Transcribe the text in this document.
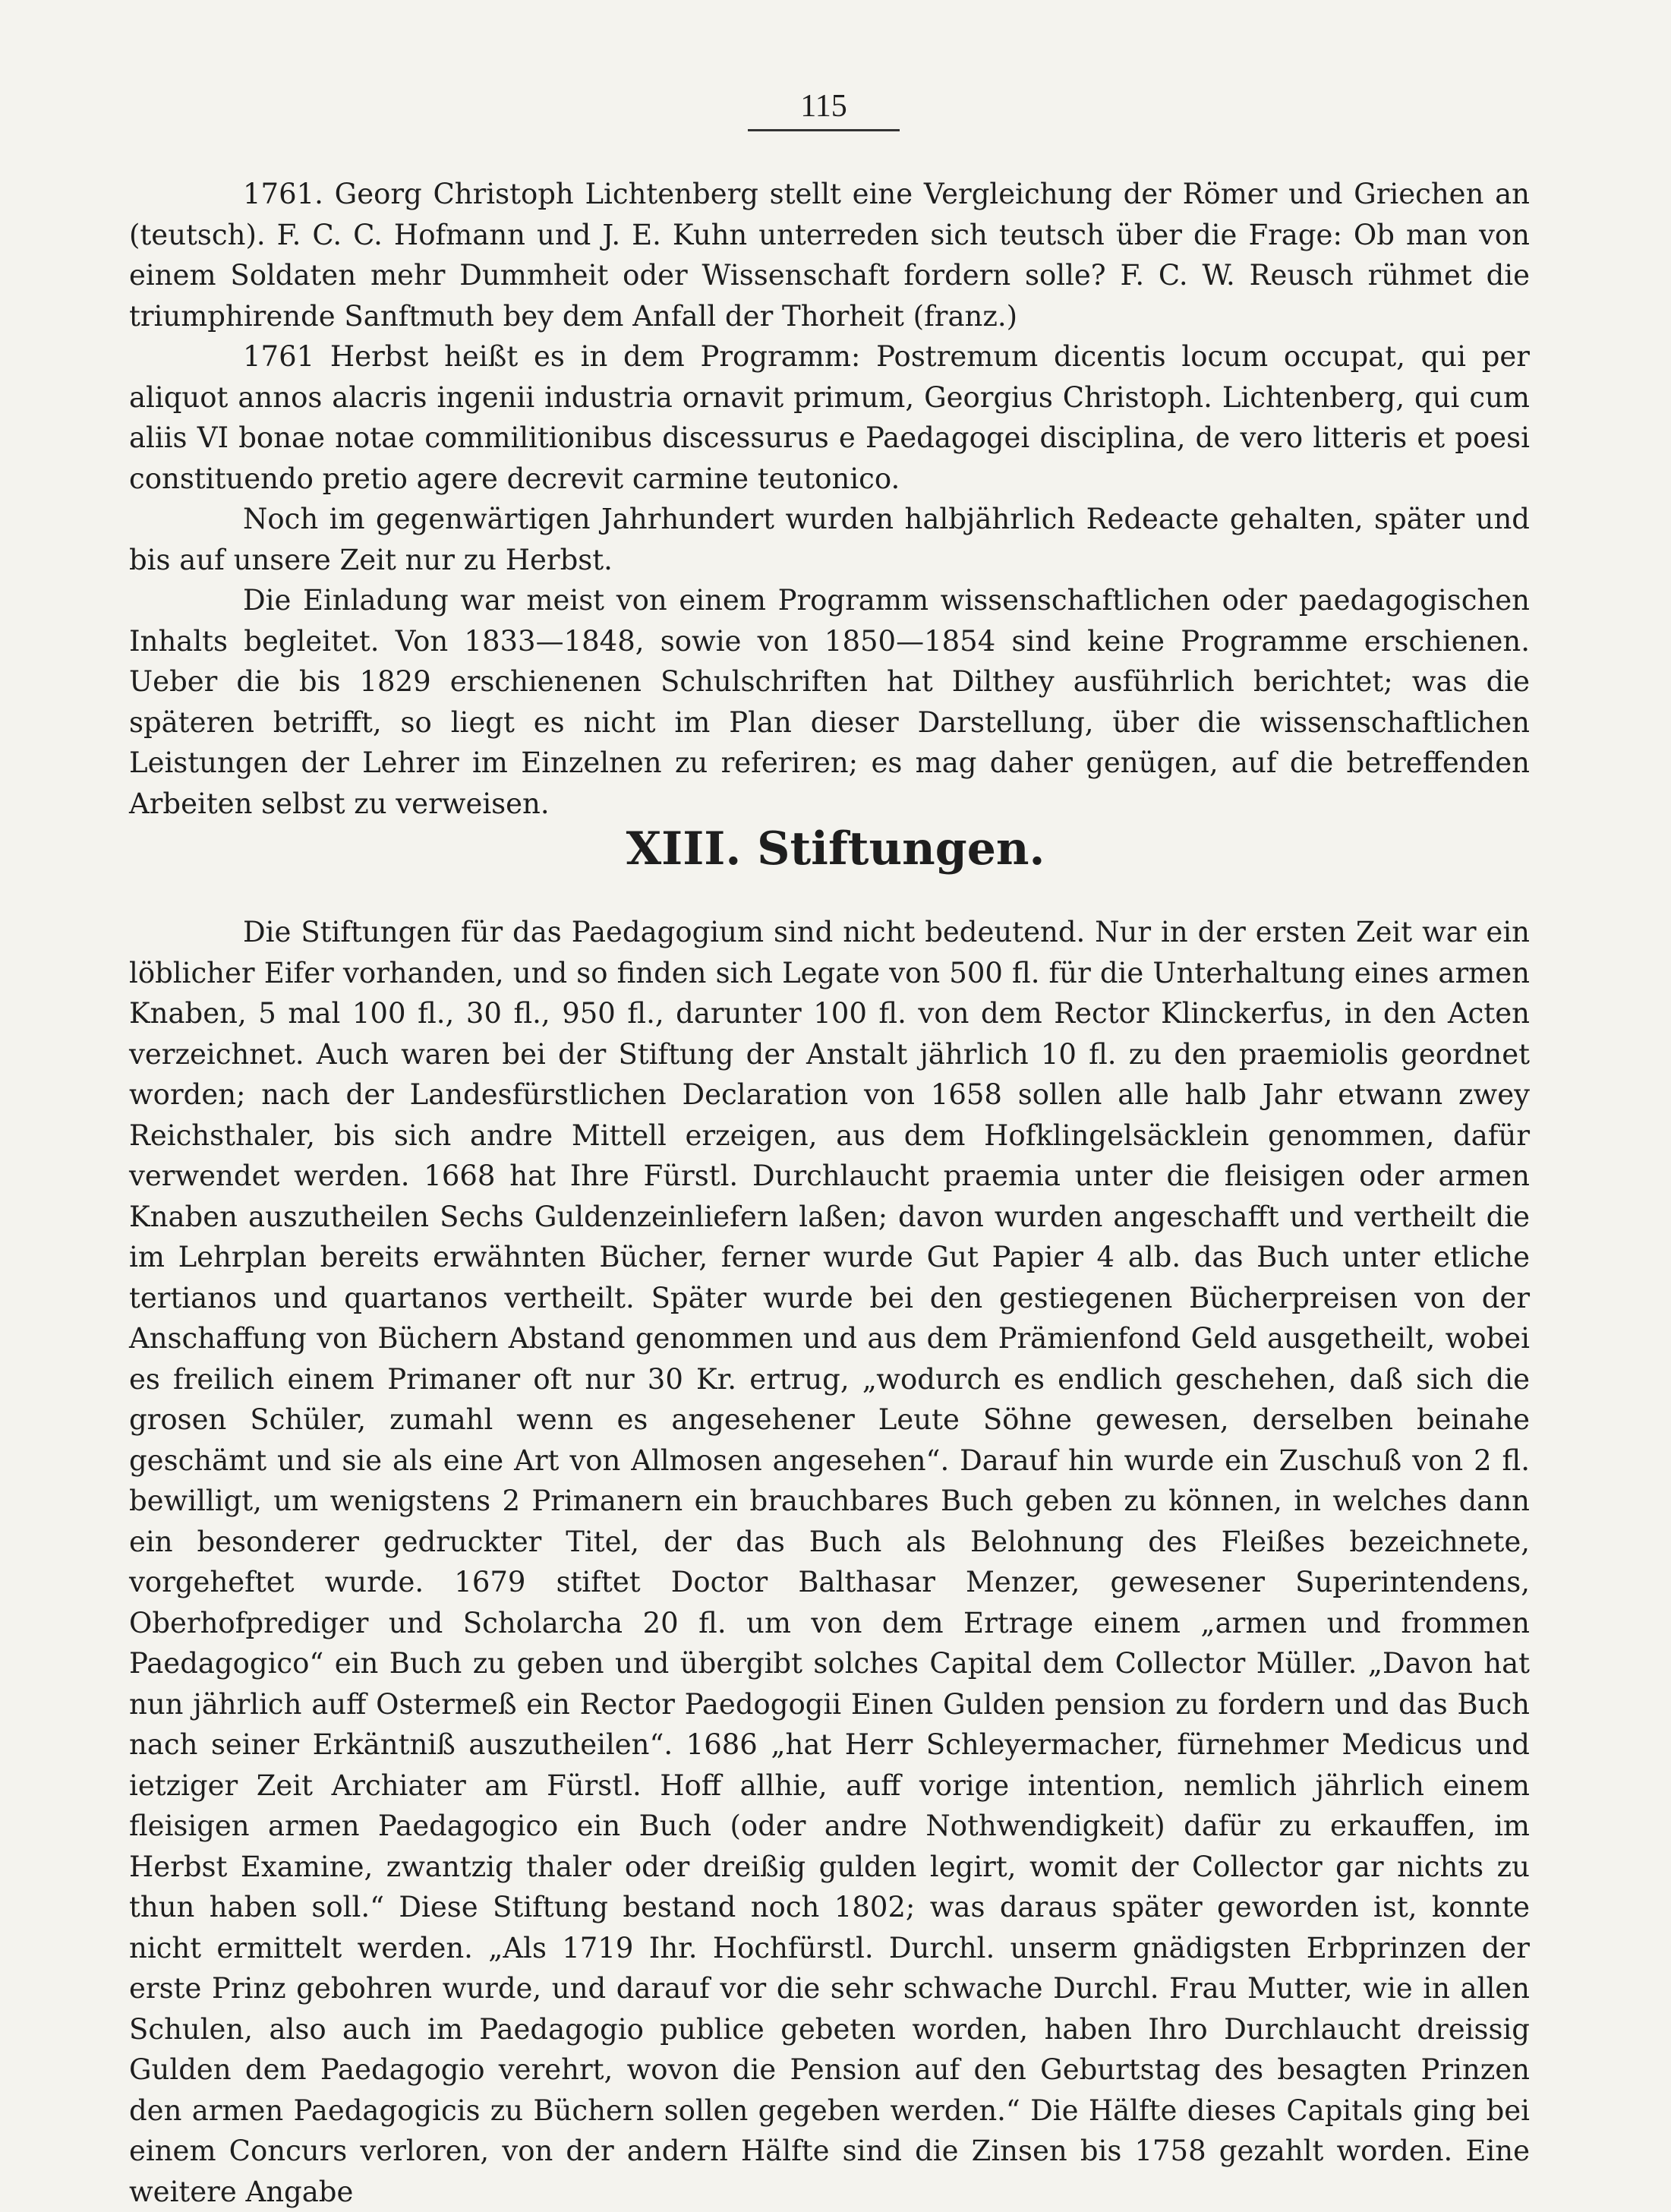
115

1761. Georg Christoph Lichtenberg stellt eine Vergleichung der Römer und Griechen an (teutsch). F. C. C. Hofmann und J. E. Kuhn unterreden sich teutsch über die Frage: Ob man von einem Soldaten mehr Dummheit oder Wissenschaft fordern solle? F. C. W. Reusch rühmet die triumphirende Sanftmuth bey dem Anfall der Thorheit (franz.)

1761 Herbst heißt es in dem Programm: Postremum dicentis locum occupat, qui per aliquot annos alacris ingenii industria ornavit primum, Georgius Christoph. Lichtenberg, qui cum aliis VI bonae notae commilitionibus discessurus e Paedagogei disciplina, de vero litteris et poesi constituendo pretio agere decrevit carmine teutonico.

Noch im gegenwärtigen Jahrhundert wurden halbjährlich Redeacte gehalten, später und bis auf unsere Zeit nur zu Herbst.

Die Einladung war meist von einem Programm wissenschaftlichen oder paedagogischen Inhalts begleitet. Von 1833—1848, sowie von 1850—1854 sind keine Programme erschienen. Ueber die bis 1829 erschienenen Schulschriften hat Dilthey ausführlich berichtet; was die späteren betrifft, so liegt es nicht im Plan dieser Darstellung, über die wissenschaftlichen Leistungen der Lehrer im Einzelnen zu referiren; es mag daher genügen, auf die betreffenden Arbeiten selbst zu verweisen.

XIII. Stiftungen.

Die Stiftungen für das Paedagogium sind nicht bedeutend. Nur in der ersten Zeit war ein löblicher Eifer vorhanden, und so finden sich Legate von 500 fl. für die Unterhaltung eines armen Knaben, 5 mal 100 fl., 30 fl., 950 fl., darunter 100 fl. von dem Rector Klinckerfus, in den Acten verzeichnet. Auch waren bei der Stiftung der Anstalt jährlich 10 fl. zu den praemiolis geordnet worden; nach der Landesfürstlichen Declaration von 1658 sollen alle halb Jahr etwann zwey Reichsthaler, bis sich andre Mittell erzeigen, aus dem Hofklingelsäcklein genommen, dafür verwendet werden. 1668 hat Ihre Fürstl. Durchlaucht praemia unter die fleisigen oder armen Knaben auszutheilen Sechs Guldenzeinliefern laßen; davon wurden angeschafft und vertheilt die im Lehrplan bereits erwähnten Bücher, ferner wurde Gut Papier 4 alb. das Buch unter etliche tertianos und quartanos vertheilt. Später wurde bei den gestiegenen Bücherpreisen von der Anschaffung von Büchern Abstand genommen und aus dem Prämienfond Geld ausgetheilt, wobei es freilich einem Primaner oft nur 30 Kr. ertrug, „wodurch es endlich geschehen, daß sich die grosen Schüler, zumahl wenn es angesehener Leute Söhne gewesen, derselben beinahe geschämt und sie als eine Art von Allmosen angesehen“. Darauf hin wurde ein Zuschuß von 2 fl. bewilligt, um wenigstens 2 Primanern ein brauchbares Buch geben zu können, in welches dann ein besonderer gedruckter Titel, der das Buch als Belohnung des Fleißes bezeichnete, vorgeheftet wurde. 1679 stiftet Doctor Balthasar Menzer, gewesener Superintendens, Oberhofprediger und Scholarcha 20 fl. um von dem Ertrage einem „armen und frommen Paedagogico“ ein Buch zu geben und übergibt solches Capital dem Collector Müller. „Davon hat nun jährlich auff Ostermeß ein Rector Paedogogii Einen Gulden pension zu fordern und das Buch nach seiner Erkäntniß auszutheilen“. 1686 „hat Herr Schleyermacher, fürnehmer Medicus und ietziger Zeit Archiater am Fürstl. Hoff allhie, auff vorige intention, nemlich jährlich einem fleisigen armen Paedagogico ein Buch (oder andre Nothwendigkeit) dafür zu erkauffen, im Herbst Examine, zwantzig thaler oder dreißig gulden legirt, womit der Collector gar nichts zu thun haben soll.“ Diese Stiftung bestand noch 1802; was daraus später geworden ist, konnte nicht ermittelt werden. „Als 1719 Ihr. Hochfürstl. Durchl. unserm gnädigsten Erbprinzen der erste Prinz gebohren wurde, und darauf vor die sehr schwache Durchl. Frau Mutter, wie in allen Schulen, also auch im Paedagogio publice gebeten worden, haben Ihro Durchlaucht dreissig Gulden dem Paedagogio verehrt, wovon die Pension auf den Geburtstag des besagten Prinzen den armen Paedagogicis zu Büchern sollen gegeben werden.“ Die Hälfte dieses Capitals ging bei einem Concurs verloren, von der andern Hälfte sind die Zinsen bis 1758 gezahlt worden. Eine weitere Angabe
